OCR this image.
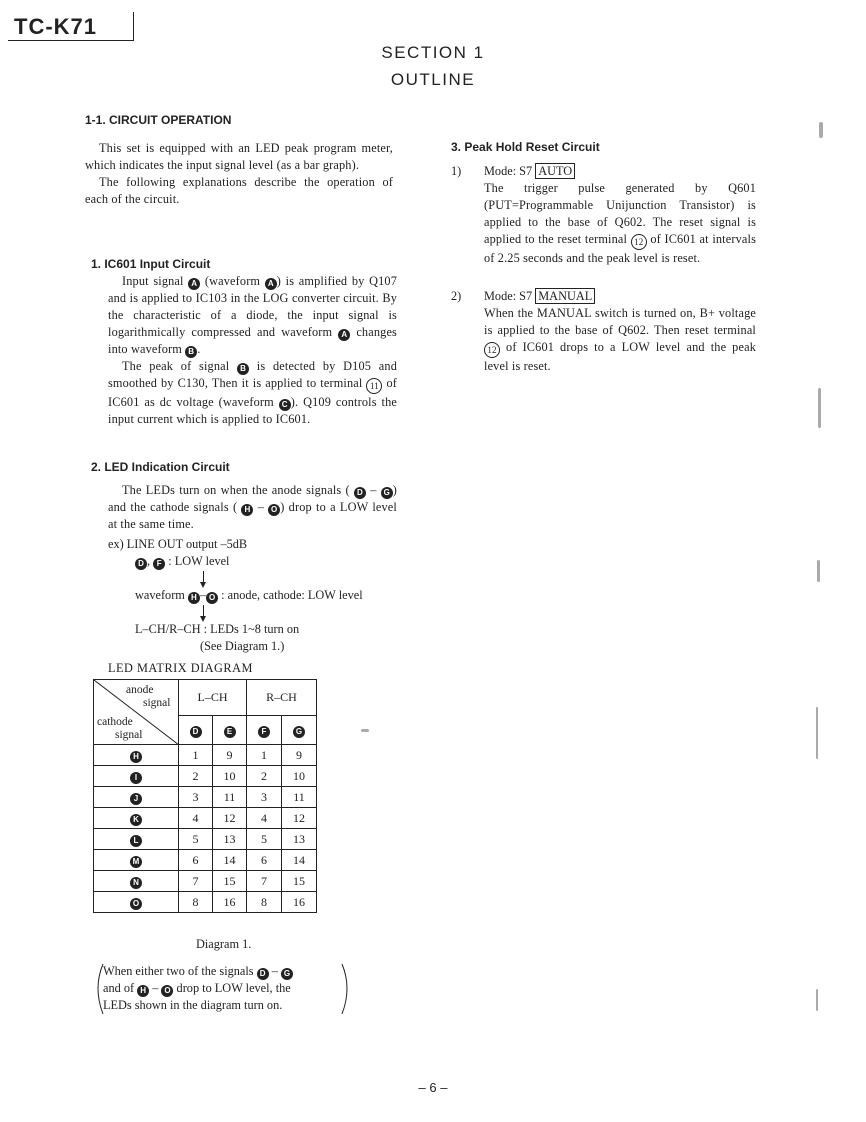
TC-K71
SECTION 1
OUTLINE
1-1. CIRCUIT OPERATION
This set is equipped with an LED peak program meter, which indicates the input signal level (as a bar graph).
The following explanations describe the operation of each of the circuit.
1. IC601 Input Circuit
Input signal A (waveform A ) is amplified by Q107 and is applied to IC103 in the LOG converter circuit. By the characteristic of a diode, the input signal is logarithmically compressed and waveform A changes into waveform B .
The peak of signal B is detected by D105 and smoothed by C130, Then it is applied to terminal 11 of IC601 as dc voltage (waveform C ). Q109 controls the input current which is applied to IC601.
2. LED Indication Circuit
The LEDs turn on when the anode signals ( D – G ) and the cathode signals ( H – O ) drop to a LOW level at the same time.
ex) LINE OUT output –5dB
D , F : LOW level
waveform H – O : anode, cathode: LOW level
L–CH/R–CH : LEDs 1~8 turn on
(See Diagram 1.)
LED MATRIX DIAGRAM
anode
signal
cathode
signal	L–CH		R–CH	
	D	E	F	G
H	1	9	1	9
I	2	10	2	10
J	3	11	3	11
K	4	12	4	12
L	5	13	5	13
M	6	14	6	14
N	7	15	7	15
O	8	16	8	16
Diagram 1.
When either two of the signals D – G
and of H – O drop to LOW level, the
LEDs shown in the diagram turn on.
3. Peak Hold Reset Circuit
1) Mode: S7 AUTO
The trigger pulse generated by Q601 (PUT=Programmable Unijunction Transistor) is applied to the base of Q602. The reset signal is applied to the reset terminal 12 of IC601 at intervals of 2.25 seconds and the peak level is reset.
2) Mode: S7 MANUAL
When the MANUAL switch is turned on, B+ voltage is applied to the base of Q602. Then reset terminal 12 of IC601 drops to a LOW level and the peak level is reset.
– 6 –
